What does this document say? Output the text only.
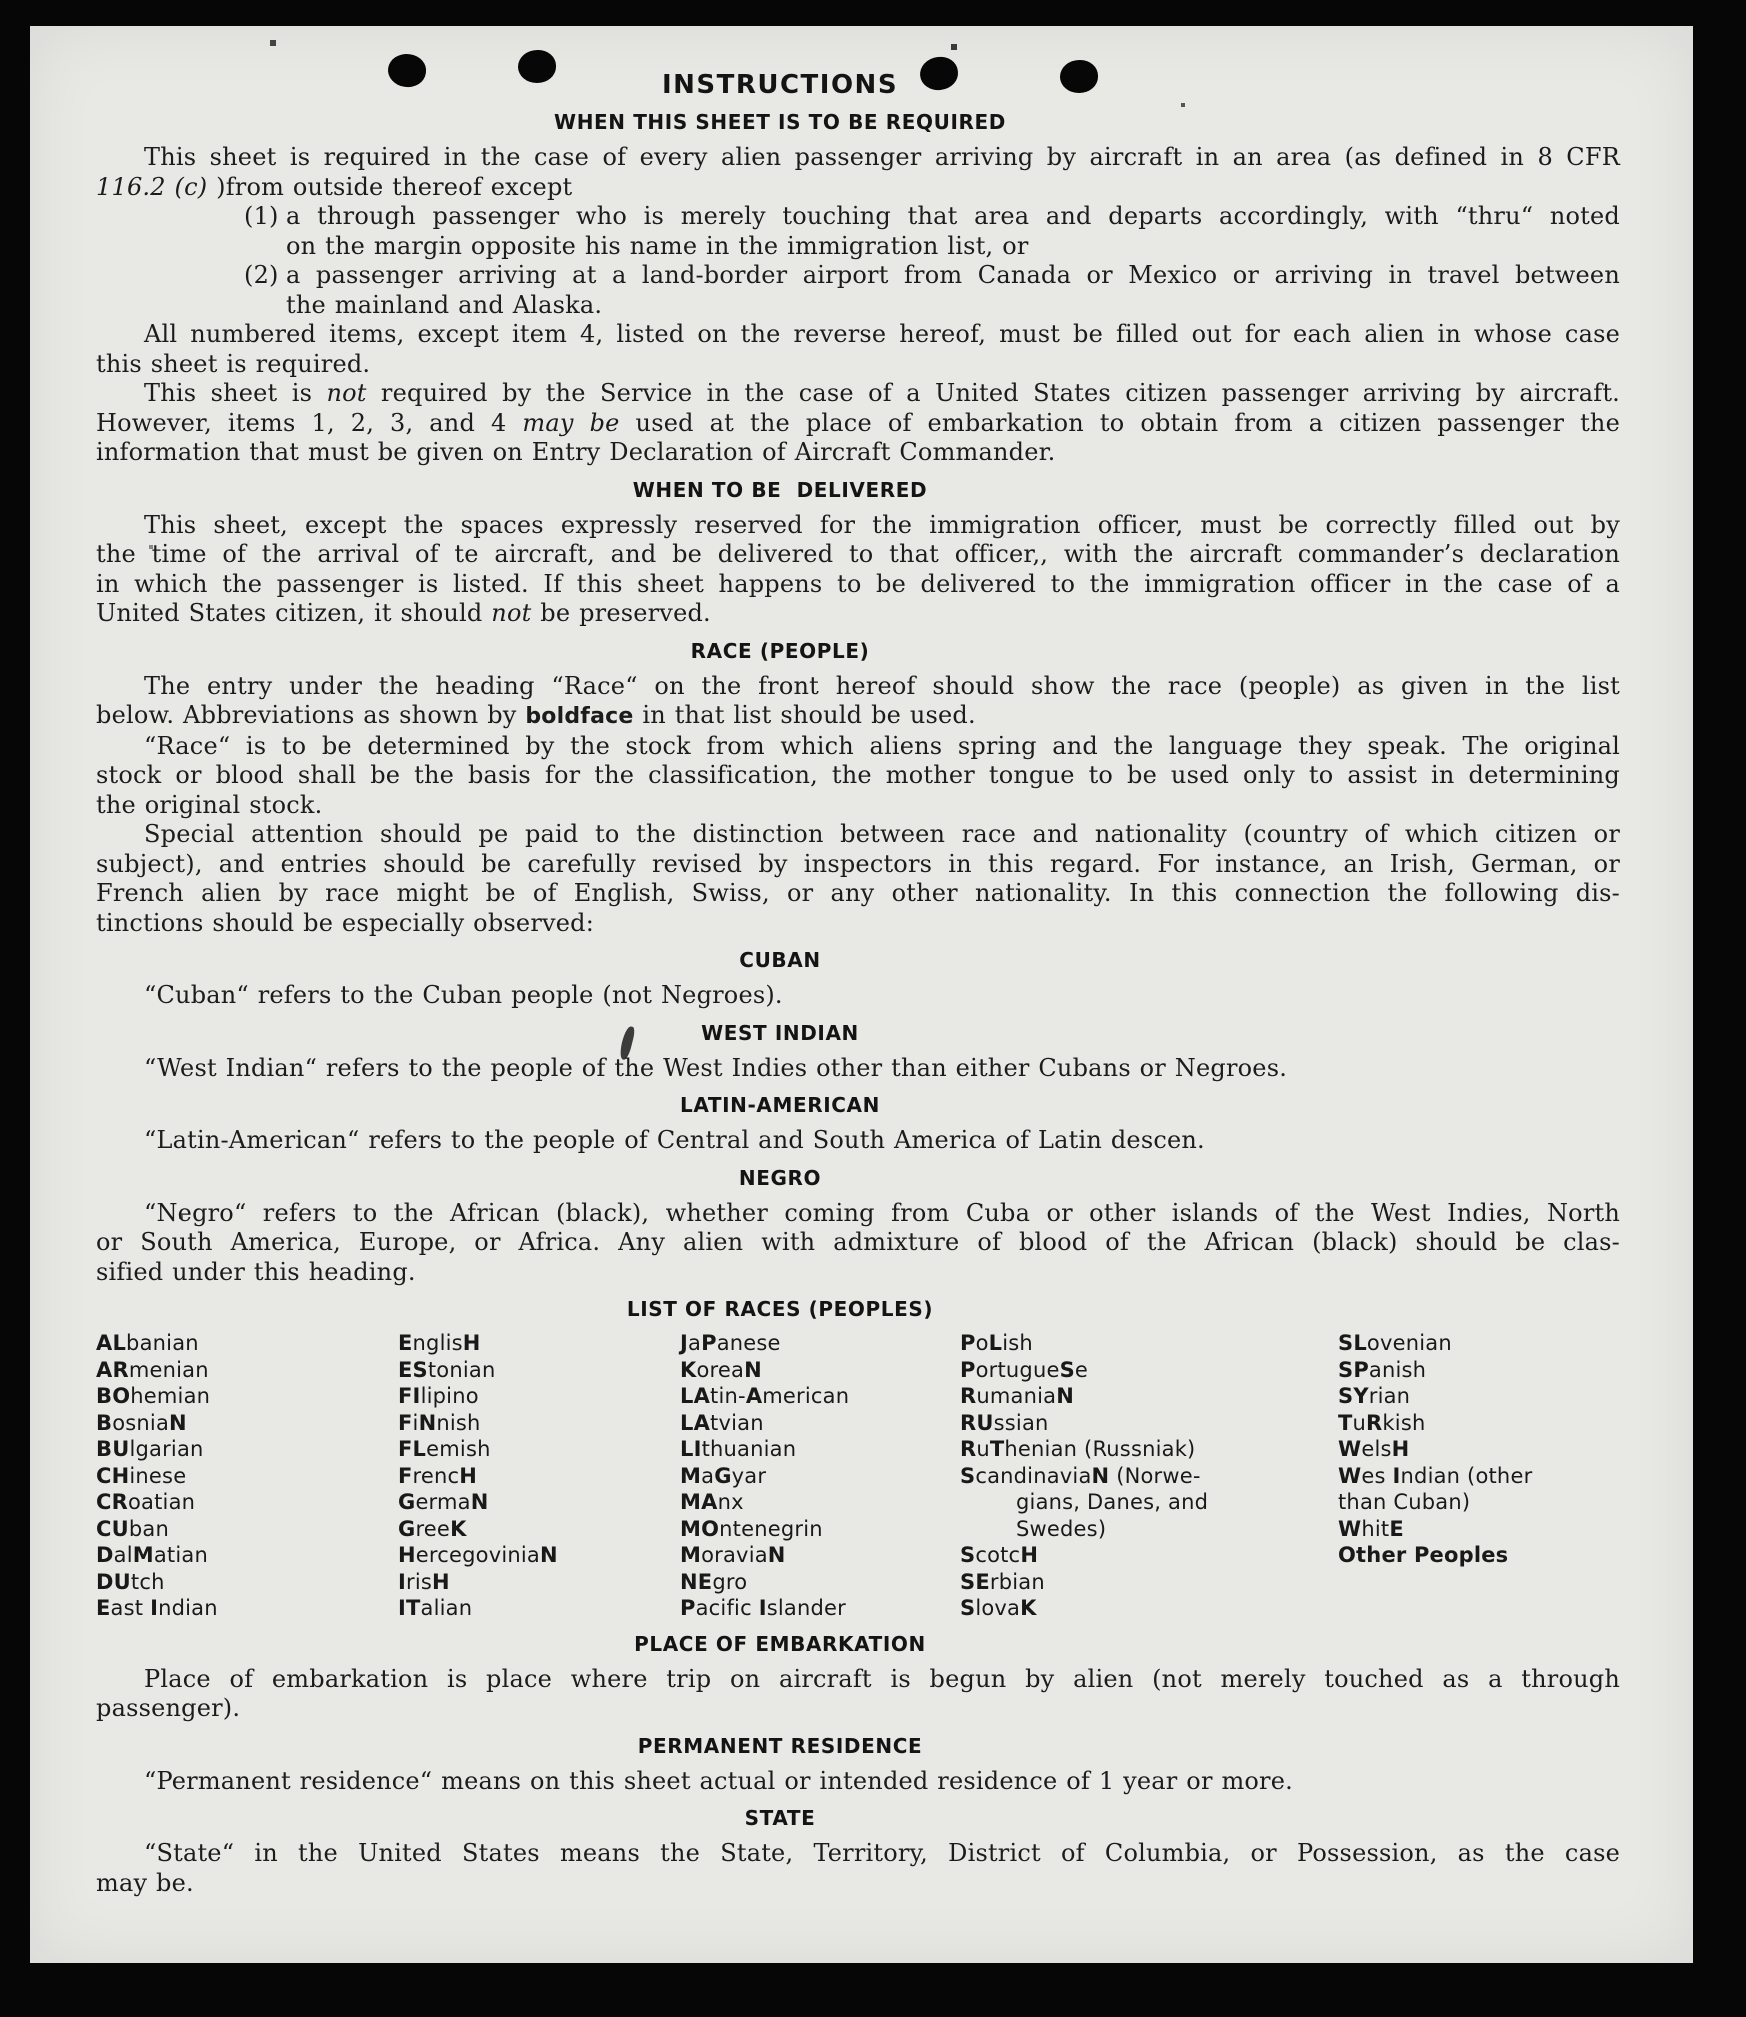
INSTRUCTIONS
WHEN THIS SHEET IS TO BE REQUIRED
This sheet is required in the case of every alien passenger arriving by aircraft in an area (as defined in 8 CFR
116.2 (c) )from outside thereof except
(1) a through passenger who is merely touching that area and departs accordingly, with “thru“ noted
on the margin opposite his name in the immigration list, or
(2) a passenger arriving at a land-border airport from Canada or Mexico or arriving in travel between
the mainland and Alaska.
All numbered items, except item 4, listed on the reverse hereof, must be filled out for each alien in whose case
this sheet is required.
This sheet is not required by the Service in the case of a United States citizen passenger arriving by aircraft.
However, items 1, 2, 3, and 4 may be used at the place of embarkation to obtain from a citizen passenger the
information that must be given on Entry Declaration of Aircraft Commander.
WHEN TO BE  DELIVERED
This sheet, except the spaces expressly reserved for the immigration officer, must be correctly filled out by
the time of the arrival of te aircraft, and be delivered to that officer,, with the aircraft commander’s declaration
in which the passenger is listed. If this sheet happens to be delivered to the immigration officer in the case of a
United States citizen, it should not be preserved.
RACE (PEOPLE)
The entry under the heading “Race“ on the front hereof should show the race (people) as given in the list
below. Abbreviations as shown by boldface in that list should be used.
“Race“ is to be determined by the stock from which aliens spring and the language they speak. The original
stock or blood shall be the basis for the classification, the mother tongue to be used only to assist in determining
the original stock.
Special attention should pe paid to the distinction between race and nationality (country of which citizen or
subject), and entries should be carefully revised by inspectors in this regard. For instance, an Irish, German, or
French alien by race might be of English, Swiss, or any other nationality. In this connection the following dis-
tinctions should be especially observed:
CUBAN
“Cuban“ refers to the Cuban people (not Negroes).
WEST INDIAN
“West Indian“ refers to the people of the West Indies other than either Cubans or Negroes.
LATIN-AMERICAN
“Latin-American“ refers to the people of Central and South America of Latin descen.
NEGRO
“Negro“ refers to the African (black), whether coming from Cuba or other islands of the West Indies, North
or South America, Europe, or Africa. Any alien with admixture of blood of the African (black) should be clas-
sified under this heading.
LIST OF RACES (PEOPLES)
ALbanian
ARmenian
BOhemian
BosniaN
BUlgarian
CHinese
CRoatian
CUban
DalMatian
DUtch
East Indian
EnglisH
EStonian
FIlipino
FiNnish
FLemish
FrencH
GermaN
GreeK
HercegoviniaN
IrisH
ITalian
JaPanese
KoreaN
LAtin-American
LAtvian
LIthuanian
MaGyar
MAnx
MOntenegrin
MoraviaN
NEgro
Pacific Islander
PoLish
PortugueSe
RumaniaN
RUssian
RuThenian (Russniak)
ScandinaviaN (Norwe-
gians, Danes, and
Swedes)
ScotcH
SErbian
SlovaK
SLovenian
SPanish
SYrian
TuRkish
WelsH
Wes Indian (other
than Cuban)
WhitE
Other Peoples
PLACE OF EMBARKATION
Place of embarkation is place where trip on aircraft is begun by alien (not merely touched as a through
passenger).
PERMANENT RESIDENCE
“Permanent residence“ means on this sheet actual or intended residence of 1 year or more.
STATE
“State“ in the United States means the State, Territory, District of Columbia, or Possession, as the case
may be.
